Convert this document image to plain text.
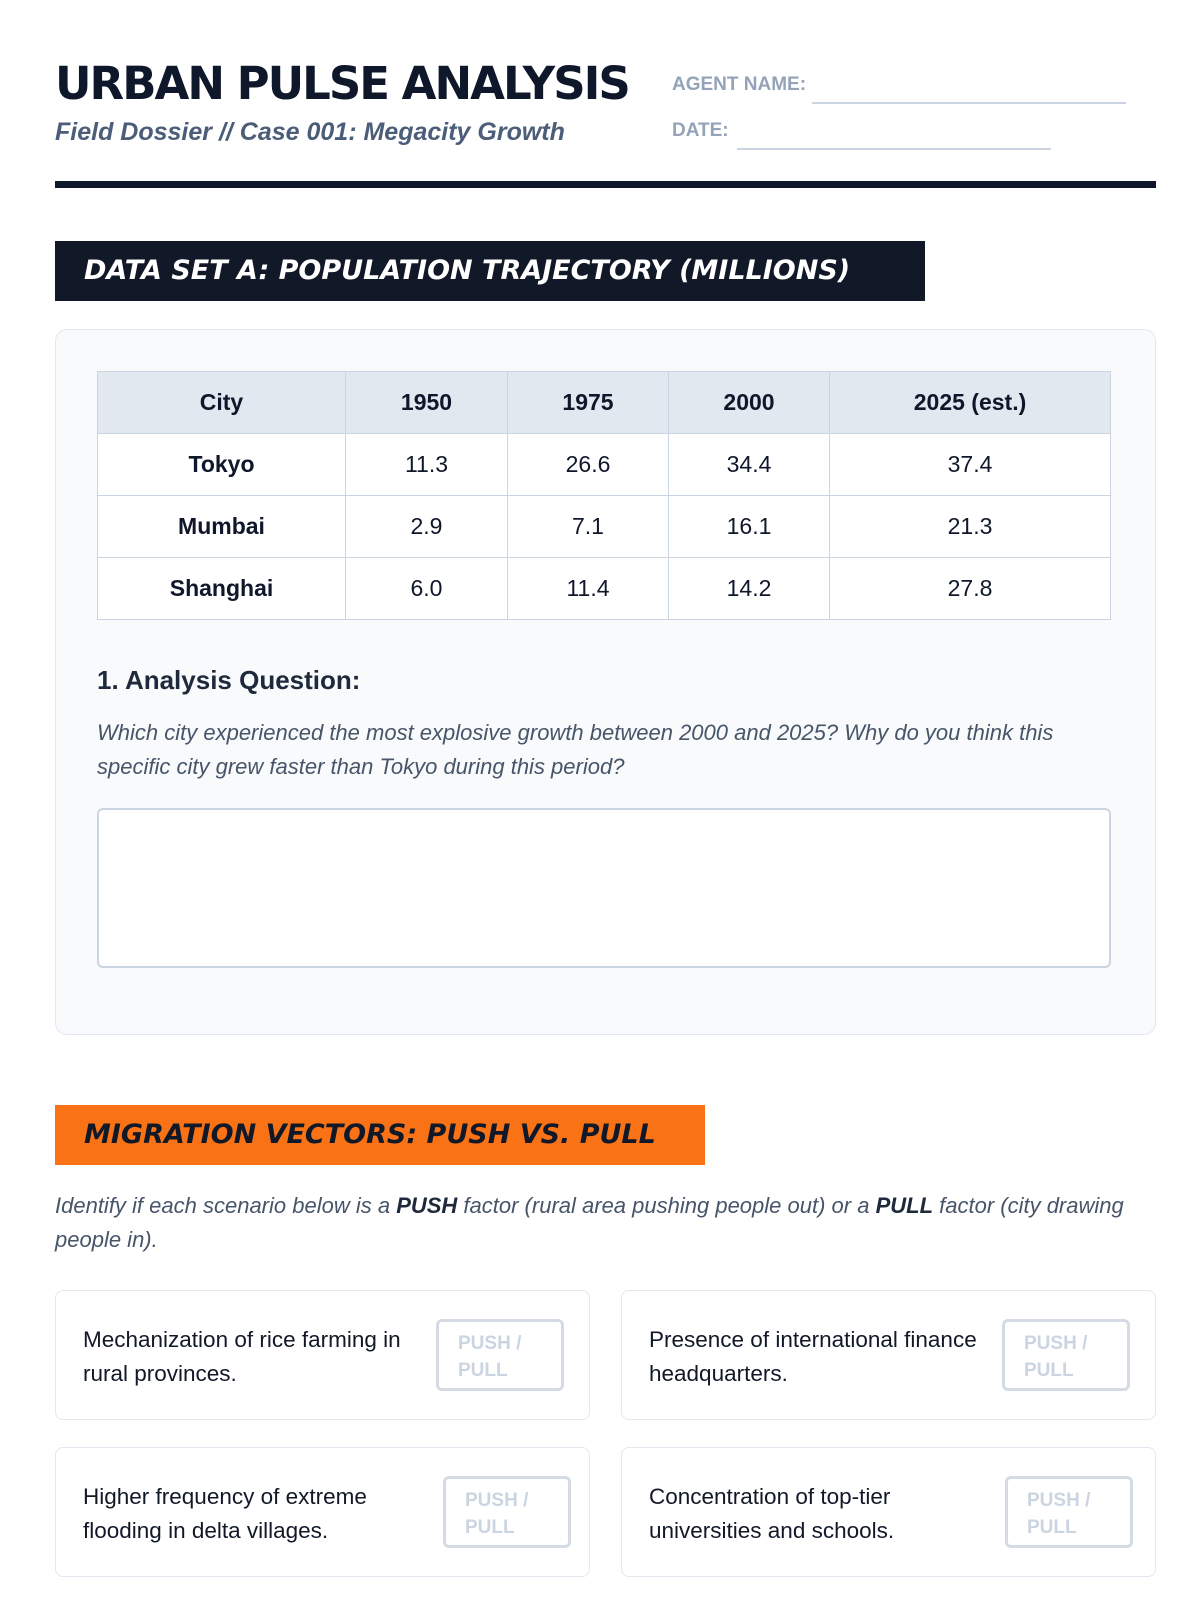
URBAN PULSE ANALYSIS
Field Dossier // Case 001: Megacity Growth
AGENT NAME:
DATE:
DATA SET A: POPULATION TRAJECTORY (MILLIONS)
City	1950	1975	2000	2025 (est.)
Tokyo	11.3	26.6	34.4	37.4
Mumbai	2.9	7.1	16.1	21.3
Shanghai	6.0	11.4	14.2	27.8
1. Analysis Question:
Which city experienced the most explosive growth between 2000 and 2025? Why do you think this specific city grew faster than Tokyo during this period?
MIGRATION VECTORS: PUSH VS. PULL
Identify if each scenario below is a PUSH factor (rural area pushing people out) or a PULL factor (city drawing people in).
Mechanization of rice farming in rural provinces.
PUSH / PULL
Presence of international finance headquarters.
PUSH / PULL
Higher frequency of extreme flooding in delta villages.
PUSH / PULL
Concentration of top-tier universities and schools.
PUSH / PULL
